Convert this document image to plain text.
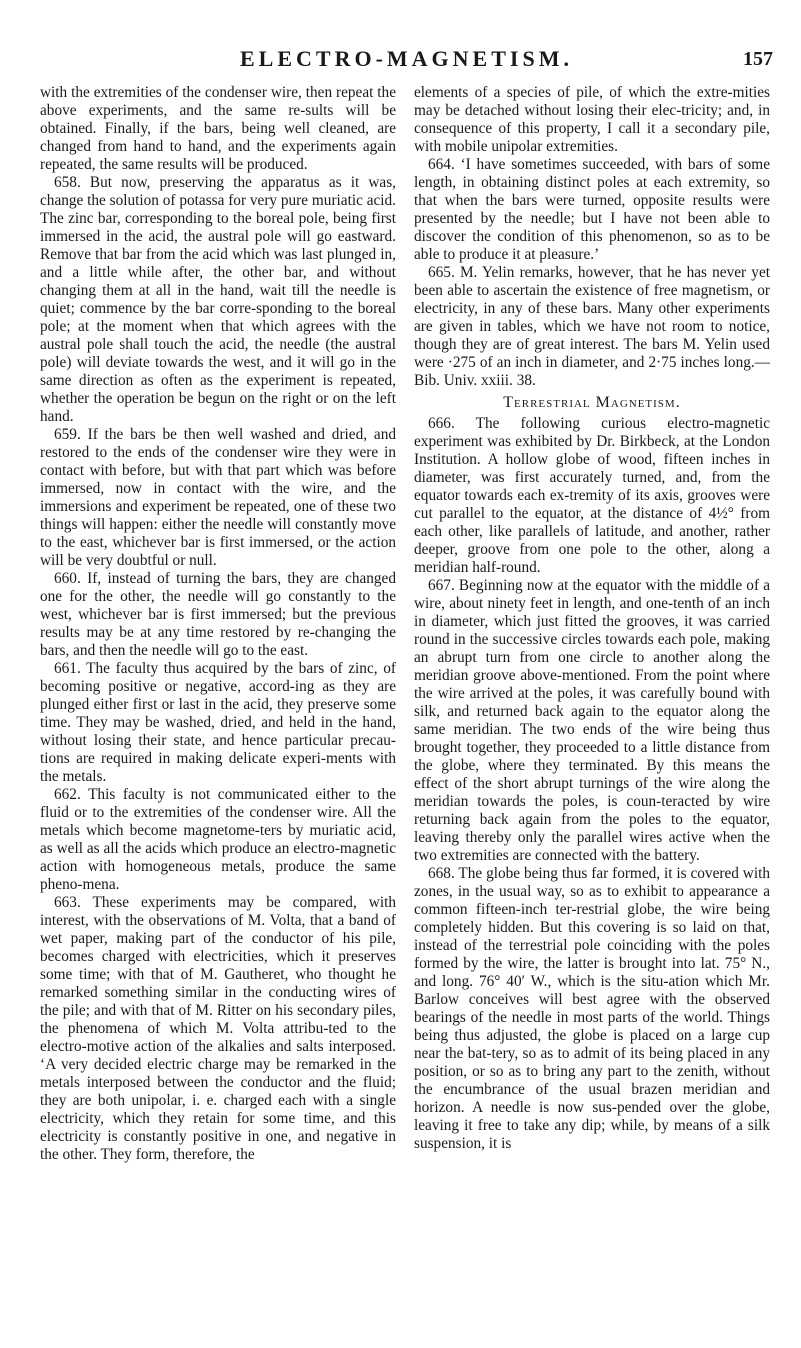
ELECTRO-MAGNETISM.	157

with the extremities of the condenser wire, then repeat the above experiments, and the same re-sults will be obtained. Finally, if the bars, being well cleaned, are changed from hand to hand, and the experiments again repeated, the same results will be produced.

658. But now, preserving the apparatus as it was, change the solution of potassa for very pure muriatic acid. The zinc bar, corresponding to the boreal pole, being first immersed in the acid, the austral pole will go eastward. Remove that bar from the acid which was last plunged in, and a little while after, the other bar, and without changing them at all in the hand, wait till the needle is quiet; commence by the bar corre-sponding to the boreal pole; at the moment when that which agrees with the austral pole shall touch the acid, the needle (the austral pole) will deviate towards the west, and it will go in the same direction as often as the experiment is repeated, whether the operation be begun on the right or on the left hand.

659. If the bars be then well washed and dried, and restored to the ends of the condenser wire they were in contact with before, but with that part which was before immersed, now in contact with the wire, and the immersions and experiment be repeated, one of these two things will happen: either the needle will constantly move to the east, whichever bar is first immersed, or the action will be very doubtful or null.

660. If, instead of turning the bars, they are changed one for the other, the needle will go constantly to the west, whichever bar is first immersed; but the previous results may be at any time restored by re-changing the bars, and then the needle will go to the east.

661. The faculty thus acquired by the bars of zinc, of becoming positive or negative, accord-ing as they are plunged either first or last in the acid, they preserve some time. They may be washed, dried, and held in the hand, without losing their state, and hence particular precau-tions are required in making delicate experi-ments with the metals.

662. This faculty is not communicated either to the fluid or to the extremities of the condenser wire. All the metals which become magnetome-ters by muriatic acid, as well as all the acids which produce an electro-magnetic action with homogeneous metals, produce the same pheno-mena.

663. These experiments may be compared, with interest, with the observations of M. Volta, that a band of wet paper, making part of the conductor of his pile, becomes charged with electricities, which it preserves some time; with that of M. Gautheret, who thought he remarked something similar in the conducting wires of the pile; and with that of M. Ritter on his secondary piles, the phenomena of which M. Volta attribu-ted to the electro-motive action of the alkalies and salts interposed. ‘A very decided electric charge may be remarked in the metals interposed between the conductor and the fluid; they are both unipolar, i. e. charged each with a single electricity, which they retain for some time, and this electricity is constantly positive in one, and negative in the other. They form, therefore, the

elements of a species of pile, of which the extre-mities may be detached without losing their elec-tricity; and, in consequence of this property, I call it a secondary pile, with mobile unipolar extremities.

664. ‘I have sometimes succeeded, with bars of some length, in obtaining distinct poles at each extremity, so that when the bars were turned, opposite results were presented by the needle; but I have not been able to discover the condition of this phenomenon, so as to be able to produce it at pleasure.’

665. M. Yelin remarks, however, that he has never yet been able to ascertain the existence of free magnetism, or electricity, in any of these bars. Many other experiments are given in tables, which we have not room to notice, though they are of great interest. The bars M. Yelin used were ·275 of an inch in diameter, and 2·75 inches long.—Bib. Univ. xxiii. 38.

Terrestrial Magnetism.

666. The following curious electro-magnetic experiment was exhibited by Dr. Birkbeck, at the London Institution. A hollow globe of wood, fifteen inches in diameter, was first accurately turned, and, from the equator towards each ex-tremity of its axis, grooves were cut parallel to the equator, at the distance of 4½° from each other, like parallels of latitude, and another, rather deeper, groove from one pole to the other, along a meridian half-round.

667. Beginning now at the equator with the middle of a wire, about ninety feet in length, and one-tenth of an inch in diameter, which just fitted the grooves, it was carried round in the successive circles towards each pole, making an abrupt turn from one circle to another along the meridian groove above-mentioned. From the point where the wire arrived at the poles, it was carefully bound with silk, and returned back again to the equator along the same meridian. The two ends of the wire being thus brought together, they proceeded to a little distance from the globe, where they terminated. By this means the effect of the short abrupt turnings of the wire along the meridian towards the poles, is coun-teracted by wire returning back again from the poles to the equator, leaving thereby only the parallel wires active when the two extremities are connected with the battery.

668. The globe being thus far formed, it is covered with zones, in the usual way, so as to exhibit to appearance a common fifteen-inch ter-restrial globe, the wire being completely hidden. But this covering is so laid on that, instead of the terrestrial pole coinciding with the poles formed by the wire, the latter is brought into lat. 75° N., and long. 76° 40′ W., which is the situ-ation which Mr. Barlow conceives will best agree with the observed bearings of the needle in most parts of the world. Things being thus adjusted, the globe is placed on a large cup near the bat-tery, so as to admit of its being placed in any position, or so as to bring any part to the zenith, without the encumbrance of the usual brazen meridian and horizon. A needle is now sus-pended over the globe, leaving it free to take any dip; while, by means of a silk suspension, it is
